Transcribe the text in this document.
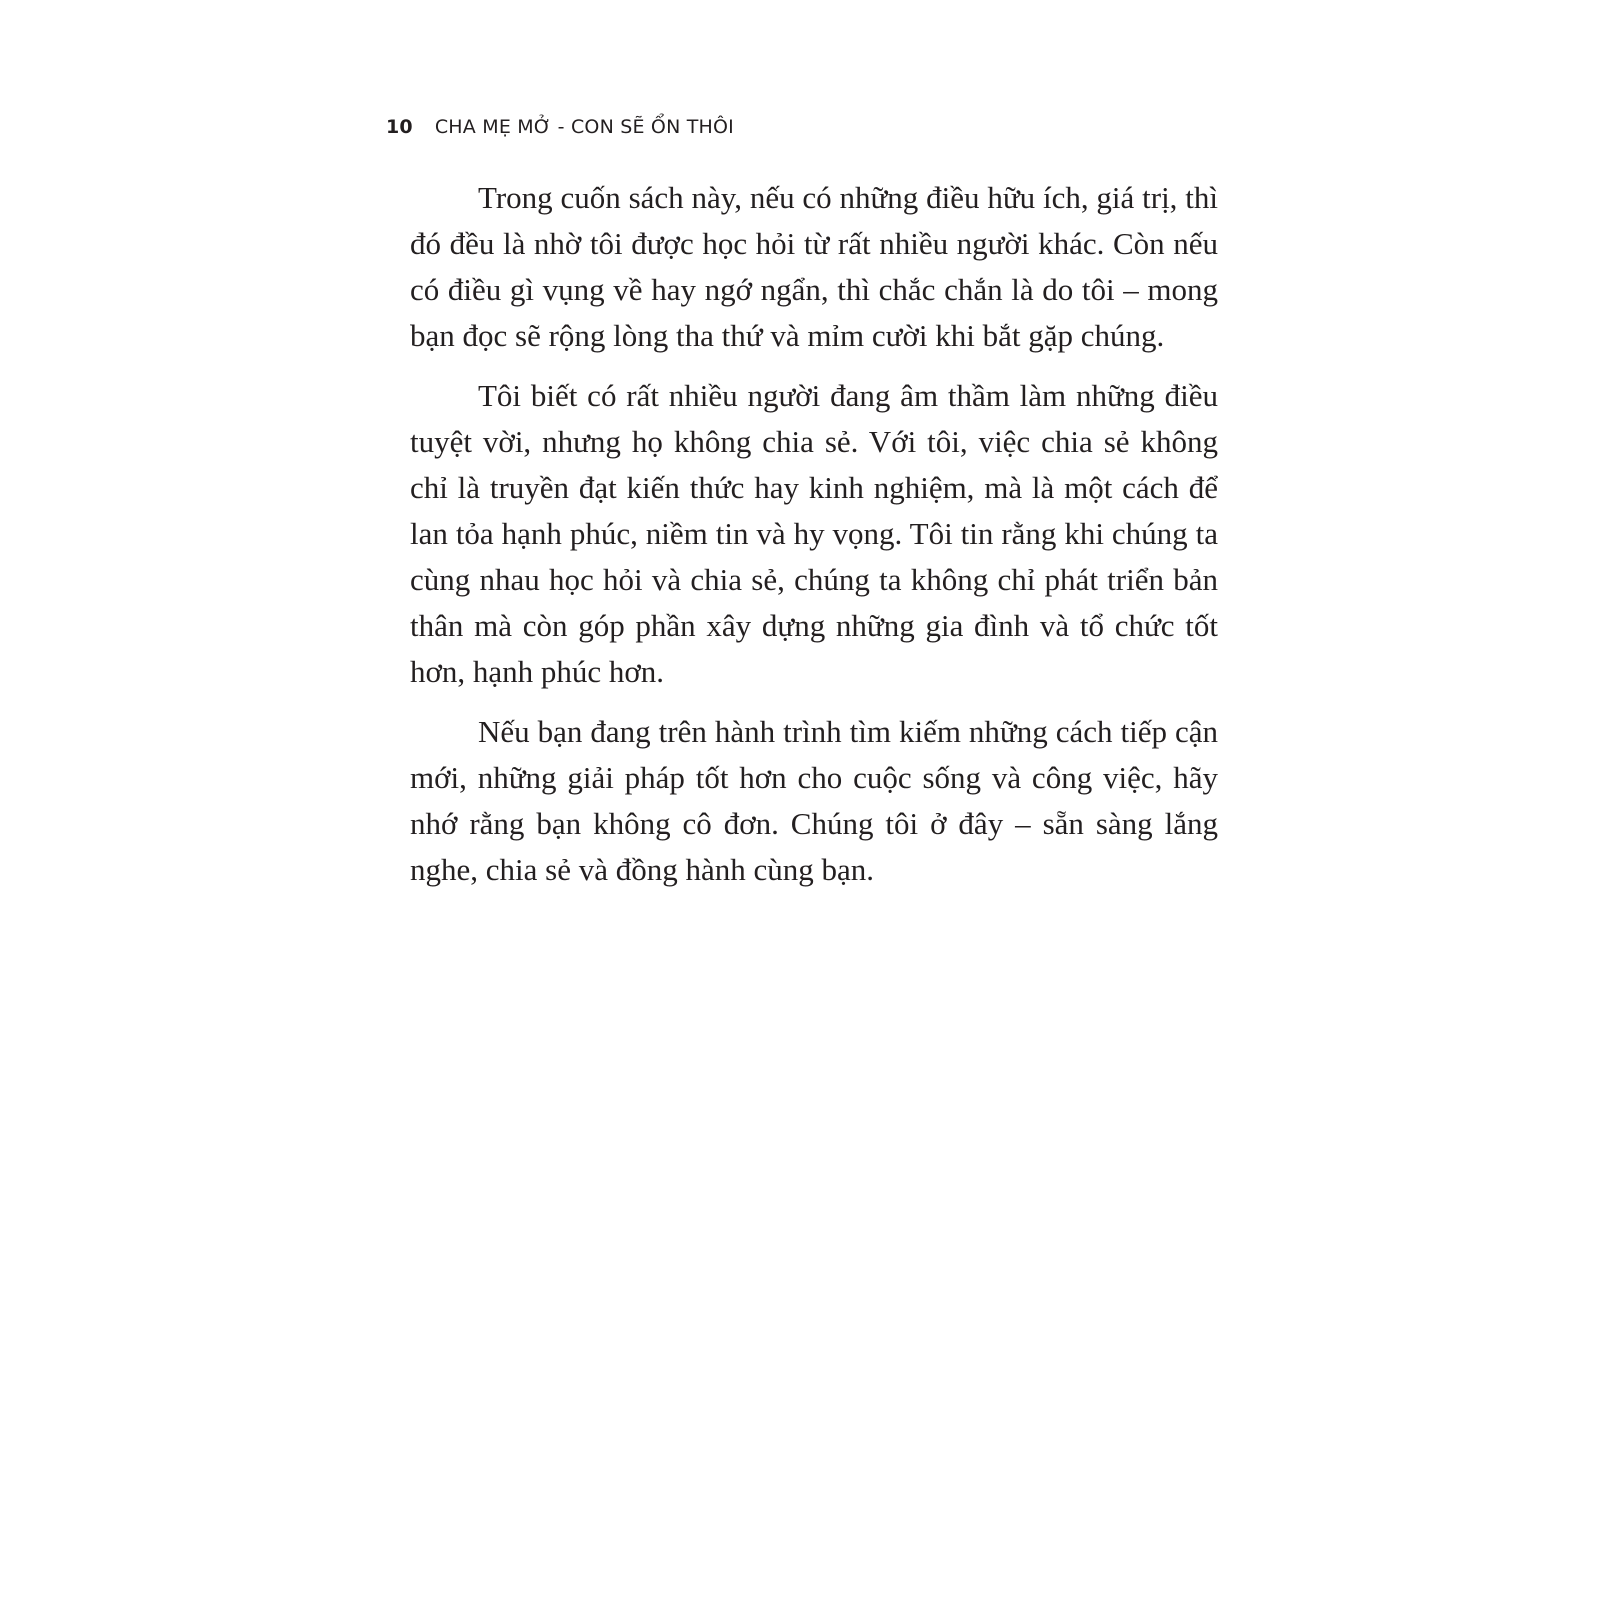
10 CHA MẸ MỞ - CON SẼ ỔN THÔI

Trong cuốn sách này, nếu có những điều hữu ích, giá trị, thì đó đều là nhờ tôi được học hỏi từ rất nhiều người khác. Còn nếu có điều gì vụng về hay ngớ ngẩn, thì chắc chắn là do tôi – mong bạn đọc sẽ rộng lòng tha thứ và mỉm cười khi bắt gặp chúng.

Tôi biết có rất nhiều người đang âm thầm làm những điều tuyệt vời, nhưng họ không chia sẻ. Với tôi, việc chia sẻ không chỉ là truyền đạt kiến thức hay kinh nghiệm, mà là một cách để lan tỏa hạnh phúc, niềm tin và hy vọng. Tôi tin rằng khi chúng ta cùng nhau học hỏi và chia sẻ, chúng ta không chỉ phát triển bản thân mà còn góp phần xây dựng những gia đình và tổ chức tốt hơn, hạnh phúc hơn.

Nếu bạn đang trên hành trình tìm kiếm những cách tiếp cận mới, những giải pháp tốt hơn cho cuộc sống và công việc, hãy nhớ rằng bạn không cô đơn. Chúng tôi ở đây – sẵn sàng lắng nghe, chia sẻ và đồng hành cùng bạn.
